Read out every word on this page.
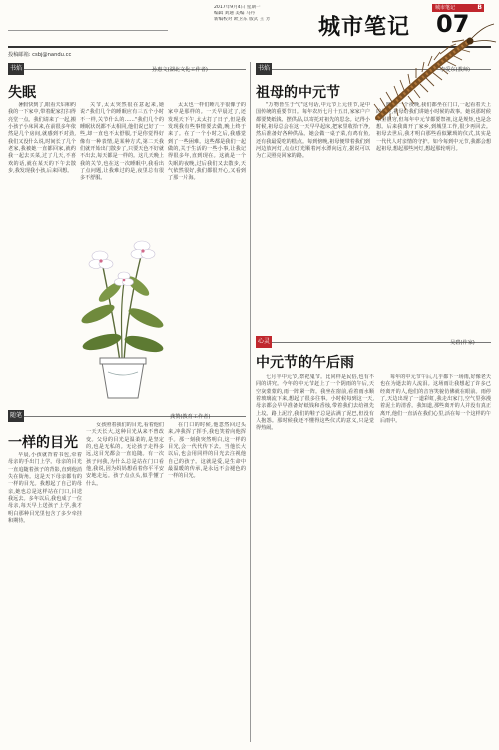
2017年9月4日 星期一
编辑 刘通 美编 马丹
新编校对 欧卫东 版式 王 芳
城市笔记	B
城市笔记 07
投稿邮箱: csbj@nandu.cc
书焰	孙惠文(湖北文化工作者)
失眠
暑假快到了,眼看夫妇和约我的一下家中,带着配家打扫得亮堂一点。我们请来了一起,搬小孩子小床回来,在前很多年依然是几个房间,就感到不对劲,我们又没什么说,时间长了几个老家,我被她一直都回家,就约我一起去买菜,过了几天,不喜欢的话,就在某天的下午去散步,我发现我小孩,后来回想。
关节,太太突然很在意起来,她说:"我们几个的睡眠应有三五个小时不一样,关节什么的……"我们几个的睡眠状况都不太相同,他们说已好了一些,却一直也不太舒服,于是你觉得好像有一种表情,是某种方式,第二天我们就开始出门散步了,只要天色不好就不出去,每天都是一样的。这几天晚上我的关节,也在这一次睡眠中,我看出了点问题,让我难过的是,夜里总有很多不舒服。
太太也一样们睡几乎很像子的家中是那样的。一天早晨过了,还发现天下午,太太打了日子,但是我发现我有些事情要去做,晚上终于来了。在了一个小时之后,我感觉到了一些困难。这些都是我们一起做的,关于生活的一些小事,让我记得很多年,直到现在。这就是一个失眠的夜晚,过后我们又去散步,天气依然很好,我们都很开心,又看到了那一片海。
随笔	龚赞(教育工作者)
一样的目光
早晨,小孩就背着书包,牵着母亲的手出门上学。母亲的目光一直追随着孩子的背影,直到他消失在街角。这是天下母亲都有的一样的目光。我想起了自己的母亲,她也总是这样站在门口,目送我远去。多年以后,我也成了一位母亲,每天早上送孩子上学,我才明白那种目光里包含了多少牵挂和期待。
女孩照着我们的目光,看着他们一天天长大,这种目光从来不曾改变。父母的目光是温柔的,是坚定的,也是无私的。无论孩子走得多远,这目光都会一直追随。有一次孩子问我,为什么总是站在门口看他,我说,因为妈妈想看着你平平安安地走远。孩子点点头,似乎懂了什么。
在门口的时候,他忽然回过头来,冲我挥了挥手,我也笑着向他挥手。那一刻我突然明白,这一样的目光,会一代代传下去。当他长大以后,也会用同样的目光去注视他自己的孩子。这就是爱,是生命中最温暖的传承,是永远不会褪色的一样的目光。
书焰	李爱东(教师)
祖母的中元节
"万物皆生于气"这句话,中元节上元佳节,是中国传统的重要节日。每年农历七月十五日,家家户户都要焚纸钱、摆供品,以寄托对祖先的思念。记得小时候,祖母总会在这一天早早起床,把家里收拾干净,然后准备好各种供品。她会做一桌子菜,有鸡有鱼,还有我最爱吃的糕点。每到傍晚,祖母便带着我们到河边放河灯,点点灯光顺着河水漂向远方,据说可以为亡灵照亮回家的路。
晚,在一个夜晚,我们都坐在门口,一起看着天上的月亮,祖母给我们讲她小时候的故事。她说那时候家里很穷,但每年中元节都要祭祖,这是规矩,也是念想。后来我离开了家乡,到城里工作,很少再回去。祖母去世后,我才明白那些看似繁琐的仪式,其实是一代代人对亲情的守护。如今每到中元节,我都会想起祖母,想起那些河灯,想起那轮明月。
心灵	吴碧(作家)
中元节的午后雨
七月半中元节,祭祀鬼节。比同样是民俗,也有不同的讲究。今年的中元节赶上了一个阴雨的午后,天空灰蒙蒙的,雨一阵紧一阵。我坐在窗前,看着雨水顺着玻璃流下来,想起了很多往事。小时候每到这一天,母亲都会早早准备好纸钱和香烛,带着我们去给祖先上坟。路上泥泞,我们的鞋子总是沾满了泥巴,但没有人抱怨。那时候我还不懂得这些仪式的意义,只是觉得热闹。
每年的中元节午后,几乎都下一场雨,好像老天也在为逝去的人流泪。这场雨让我想起了许多已经离开的人,他们的音容笑貌仿佛就在眼前。雨停了,天边出现了一道彩虹,我走出家门,空气里弥漫着泥土的清香。我知道,那些离开的人并没有真正离开,他们一直活在我们心里,活在每一个这样的午后雨中。
